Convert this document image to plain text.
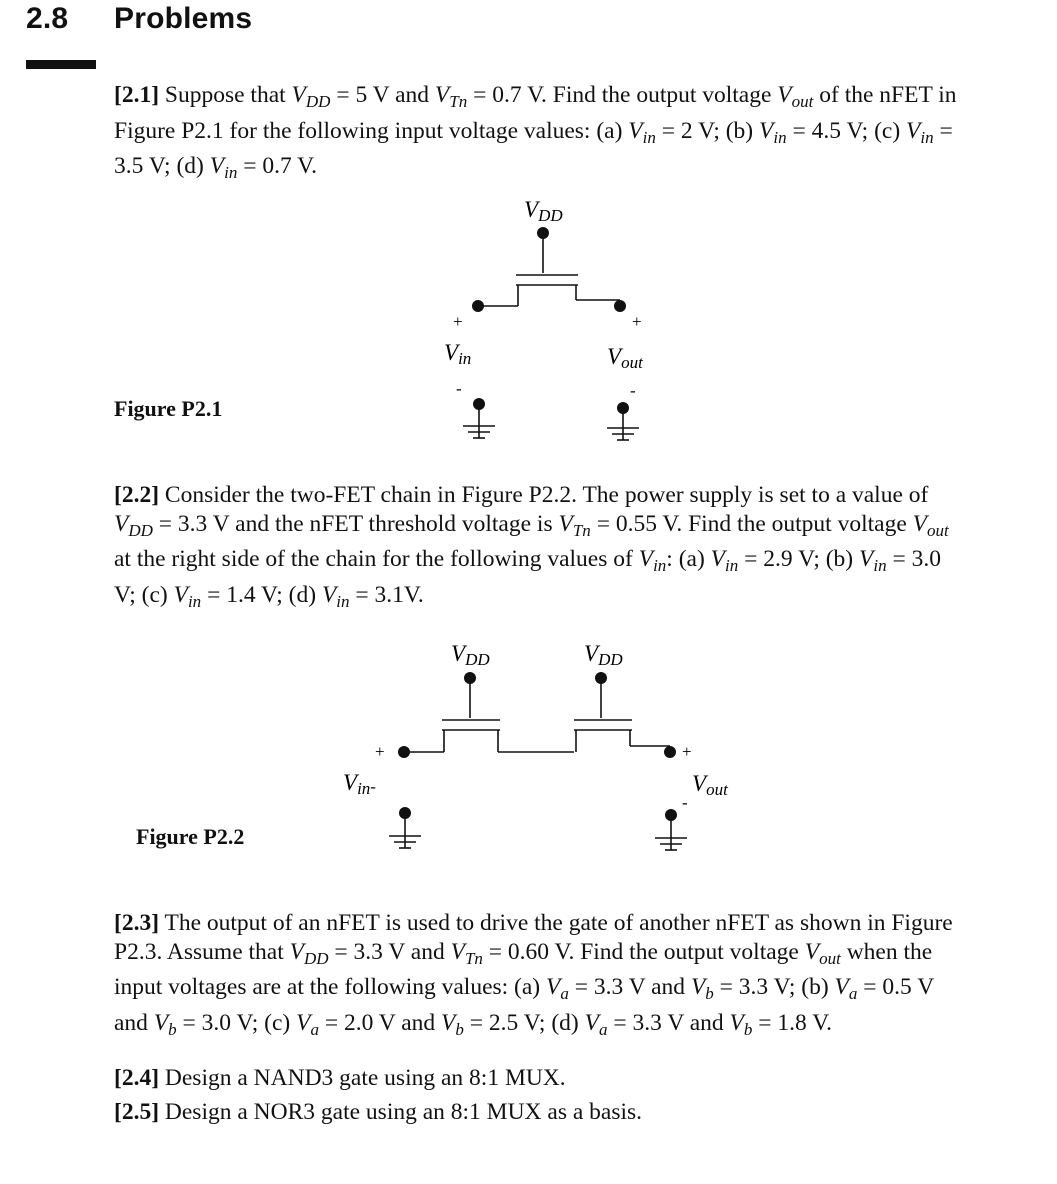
2.8 Problems
[2.1] Suppose that $V_{DD} = 5$ V and $V_{Tn} = 0.7$ V. Find the output voltage $V_{out}$ of the nFET in Figure P2.1 for the following input voltage values: (a) $V_{in} = 2$ V; (b) $V_{in} = 4.5$ V; (c) $V_{in} = 3.5$ V; (d) $V_{in} = 0.7$ V.
Figure P2.1
VDD
+
Vin
-
+
Vout
-
[2.2] Consider the two-FET chain in Figure P2.2. The power supply is set to a value of $V_{DD} = 3.3$ V and the nFET threshold voltage is $V_{Tn} = 0.55$ V. Find the output voltage $V_{out}$ at the right side of the chain for the following values of $V_{in}$: (a) $V_{in} = 2.9$ V; (b) $V_{in} = 3.0$ V; (c) $V_{in} = 1.4$ V; (d) $V_{in} = 3.1V$.
Figure P2.2
VDD	VDD
+
Vin-
+
Vout
-
[2.3] The output of an nFET is used to drive the gate of another nFET as shown in Figure P2.3. Assume that $V_{DD} = 3.3$ V and $V_{Tn} = 0.60$ V. Find the output voltage $V_{out}$ when the input voltages are at the following values: (a) $V_a = 3.3$ V and $V_b = 3.3$ V; (b) $V_a = 0.5$ V and $V_b = 3.0$ V; (c) $V_a = 2.0$ V and $V_b = 2.5$ V; (d) $V_a = 3.3$ V and $V_b = 1.8$ V.
[2.4] Design a NAND3 gate using an 8:1 MUX.
[2.5] Design a NOR3 gate using an 8:1 MUX as a basis.
